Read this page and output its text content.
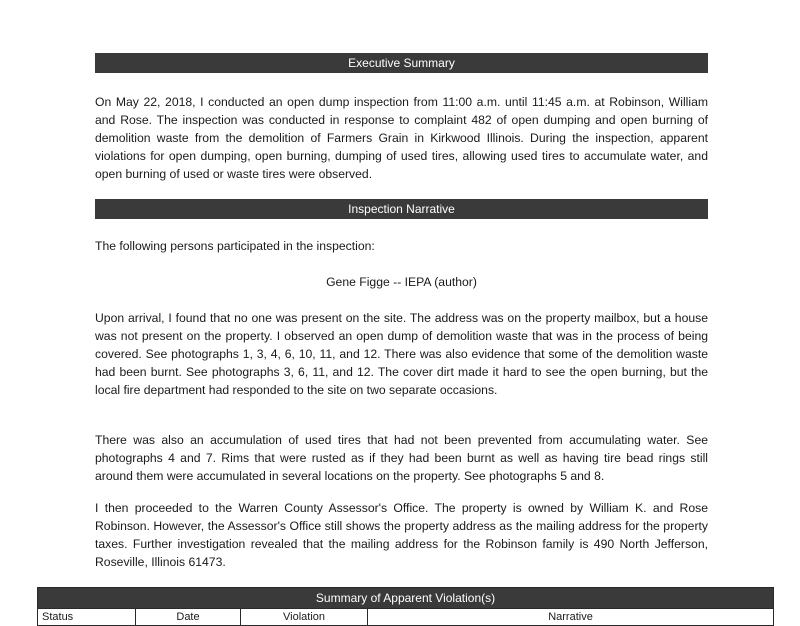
Executive Summary

On May 22, 2018, I conducted an open dump inspection from 11:00 a.m. until 11:45 a.m. at Robinson, William and Rose. The inspection was conducted in response to complaint 482 of open dumping and open burning of demolition waste from the demolition of Farmers Grain in Kirkwood Illinois. During the inspection, apparent violations for open dumping, open burning, dumping of used tires, allowing used tires to accumulate water, and open burning of used or waste tires were observed.

Inspection Narrative

The following persons participated in the inspection:

Gene Figge -- IEPA (author)

Upon arrival, I found that no one was present on the site. The address was on the property mailbox, but a house was not present on the property. I observed an open dump of demolition waste that was in the process of being covered. See photographs 1, 3, 4, 6, 10, 11, and 12. There was also evidence that some of the demolition waste had been burnt. See photographs 3, 6, 11, and 12. The cover dirt made it hard to see the open burning, but the local fire department had responded to the site on two separate occasions.

There was also an accumulation of used tires that had not been prevented from accumulating water. See photographs 4 and 7. Rims that were rusted as if they had been burnt as well as having tire bead rings still around them were accumulated in several locations on the property. See photographs 5 and 8.

I then proceeded to the Warren County Assessor's Office. The property is owned by William K. and Rose Robinson. However, the Assessor's Office still shows the property address as the mailing address for the property taxes. Further investigation revealed that the mailing address for the Robinson family is 490 North Jefferson, Roseville, Illinois 61473.

Summary of Apparent Violation(s)
Status	Date	Violation	Narrative
